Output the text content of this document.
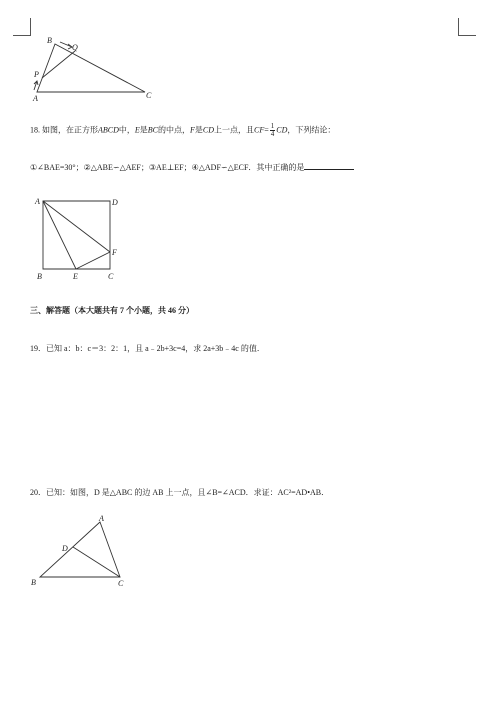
B
Q
P
A	C
18. 如图，在正方形ABCD中，E是BC的中点，F是CD上一点，且$CF= \frac{1}{4}$ CD，下列结论：
①∠BAE=30°；②△ABE∽△AEF；③AE⊥EF；④△ADF∽△ECF．其中正确的是
A	D
F
B	E	C
三、解答题（本大题共有 7 个小题，共 46 分）
19．已知 a：b：c＝3：2：1，且 a﹣2b+3c=4，求 2a+3b﹣4c 的值．
20．已知：如图，D 是△ABC 的边 AB 上一点，且∠B=∠ACD．求证：AC²=AD•AB．
A
D
B	C
